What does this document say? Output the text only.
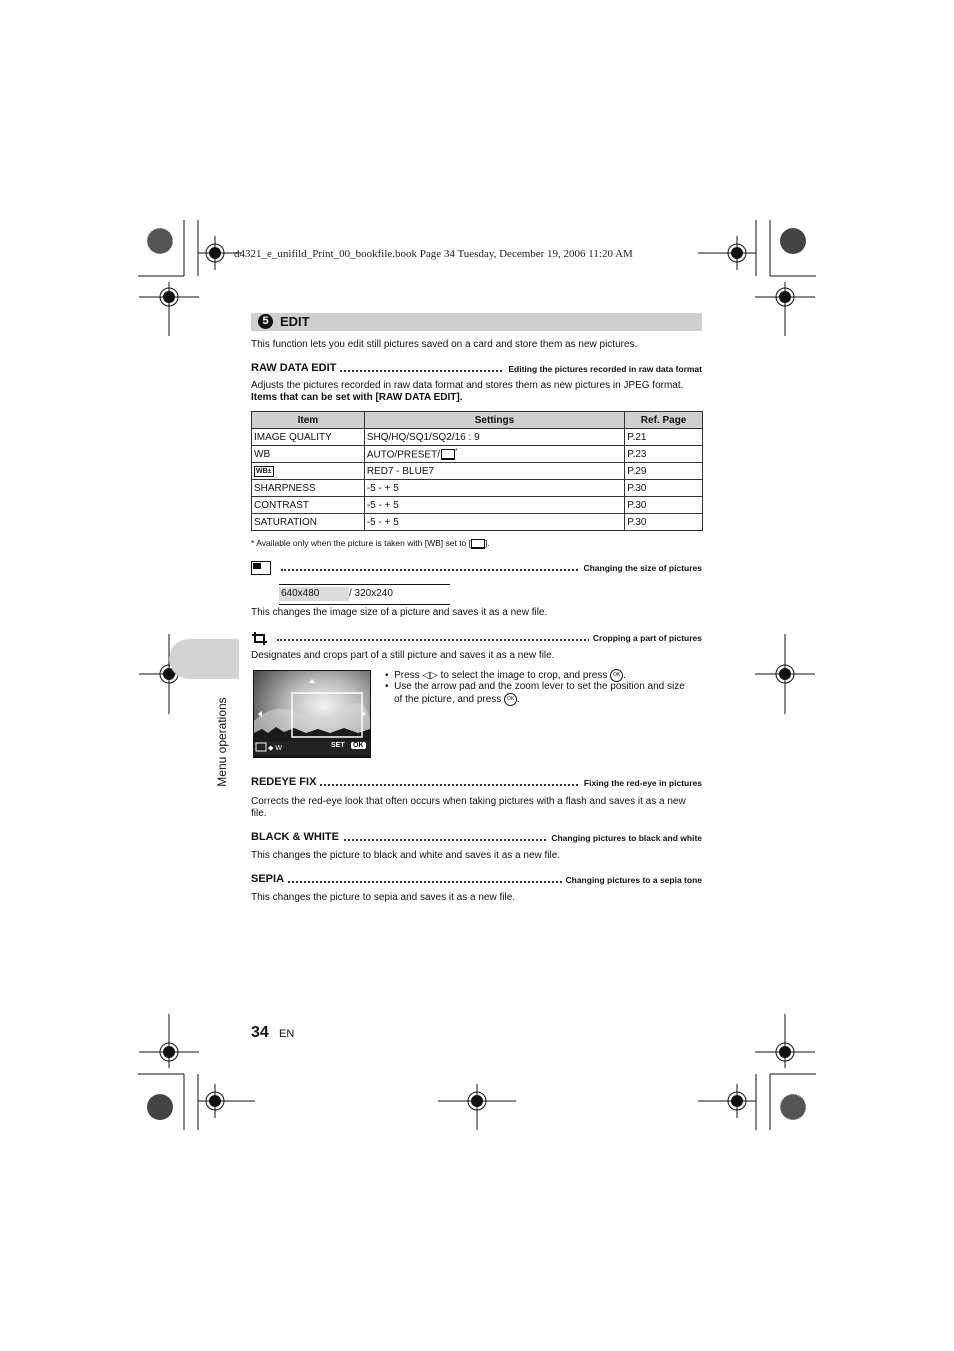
d4321_e_unifild_Print_00_bookfile.book Page 34 Tuesday, December 19, 2006 11:20 AM
5 EDIT
This function lets you edit still pictures saved on a card and store them as new pictures.
RAW DATA EDIT	Editing the pictures recorded in raw data format
Adjusts the pictures recorded in raw data format and stores them as new pictures in JPEG format.
Items that can be set with [RAW DATA EDIT].
Item	Settings	Ref. Page
IMAGE QUALITY	SHQ/HQ/SQ1/SQ2/16 : 9	P.21
WB	AUTO/PRESET/ *	P.23
WB±	RED7 - BLUE7	P.29
SHARPNESS	-5 - + 5	P.30
CONTRAST	-5 - + 5	P.30
SATURATION	-5 - + 5	P.30
* Available only when the picture is taken with [WB] set to [ ].
Changing the size of pictures
640x480	/ 320x240
This changes the image size of a picture and saves it as a new file.
Cropping a part of pictures
Designates and crops part of a still picture and saves it as a new file.
◆ W	SET OK
•  Press ◁▷ to select the image to crop, and press OK .
•  Use the arrow pad and the zoom lever to set the position and size
of the picture, and press OK .
REDEYE FIX	Fixing the red-eye in pictures
Corrects the red-eye look that often occurs when taking pictures with a flash and saves it as a new
file.
BLACK & WHITE	Changing pictures to black and white
This changes the picture to black and white and saves it as a new file.
SEPIA	Changing pictures to a sepia tone
This changes the picture to sepia and saves it as a new file.
Menu operations
34 EN
